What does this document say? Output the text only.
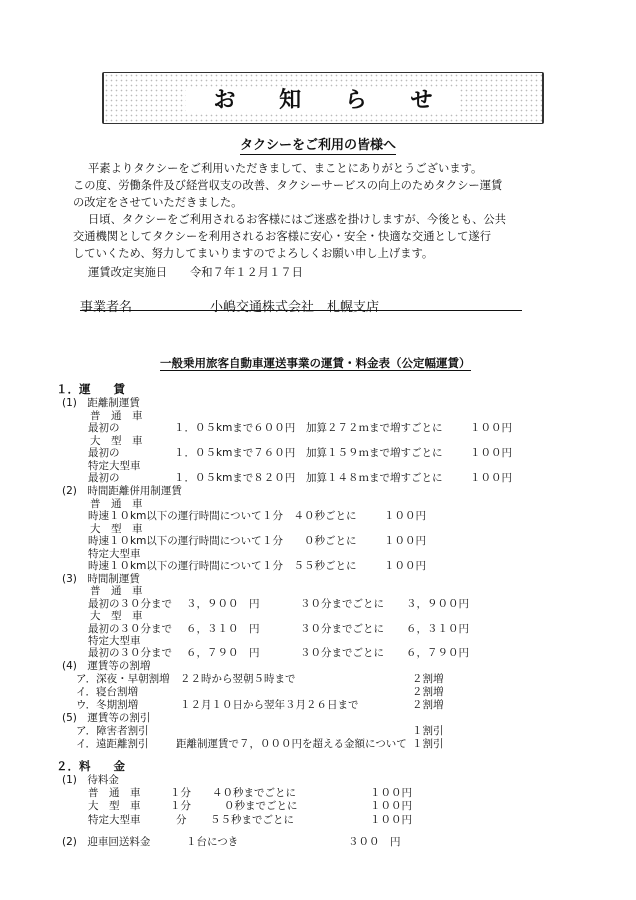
お 知 ら せ
タクシーをご利用の皆様へ
平素よりタクシーをご利用いただきまして、まことにありがとうございます。
この度、労働条件及び経営収支の改善、タクシーサービスの向上のためタクシー運賃
の改定をさせていただきました。
日頃、タクシーをご利用されるお客様にはご迷惑を掛けしますが、今後とも、公共
交通機関としてタクシーを利用されるお客様に安心・安全・快適な交通として遂行
していくため、努力してまいりますのでよろしくお願い申し上げます。
運賃改定実施日 令和７年１２月１７日
事業者名	小嶋交通株式会社　札幌支店
一般乗用旅客自動車運送事業の運賃・料金表（公定幅運賃）
１．運　　賃
(1)　距離制運賃
普　通　車
最初の	１．０５kmまで６００円 加算２７２ｍまで増すごとに	１００円
大　型　車
最初の	１．０５kmまで７６０円 加算１５９ｍまで増すごとに	１００円
特定大型車
最初の	１．０５kmまで８２０円 加算１４８ｍまで増すごとに	１００円
(2)　時間距離併用制運賃
普　通　車
時速１０km以下の運行時間について １分　４０秒ごとに	１００円
大　型　車
時速１０km以下の運行時間について １分　　０秒ごとに	１００円
特定大型車
時速１０km以下の運行時間について １分　５５秒ごとに	１００円
(3)　時間制運賃
普　通　車
最初の３０分まで ３，９００　円	３０分までごとに ３，９００円
大　型　車
最初の３０分まで ６，３１０　円	３０分までごとに ６，３１０円
特定大型車
最初の３０分まで ６，７９０　円	３０分までごとに ６，７９０円
(4)　運賃等の割増
ア．深夜・早朝割増 ２２時から翌朝５時まで	２割増
イ．寝台割増	２割増
ウ．冬期割増	１２月１０日から翌年３月２６日まで	２割増
(5)　運賃等の割引
ア．障害者割引	１割引
イ．遠距離割引	距離制運賃で７，０００円を超える金額について １割引
２．料　　金
(1)　待料金
普　通　車	１分 ４０秒までごとに	１００円
大　型　車	１分	０秒までごとに	１００円
特定大型車	分 ５５秒までごとに	１００円
(2)　迎車回送料金	１台につき	３００　円
